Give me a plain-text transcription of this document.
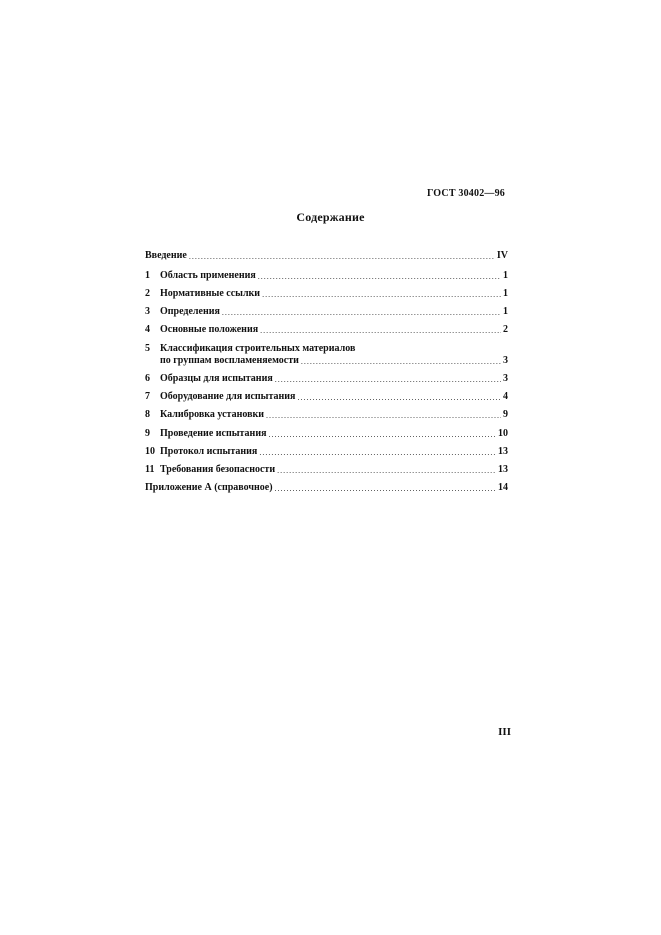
ГОСТ 30402—96
Содержание
Введение .....	IV
1	Область применения .....	1
2	Нормативные ссылки .....	1
3	Определения .....	1
4	Основные положения .....	2
5	Классификация строительных материалов
по группам воспламеняемости .....	3
6	Образцы для испытания .....	3
7	Оборудование для испытания .....	4
8	Калибровка установки .....	9
9	Проведение испытания .....	10
10 Протокол испытания .....	13
11 Требования безопасности .....	13
Приложение А (справочное) .....	14
III
